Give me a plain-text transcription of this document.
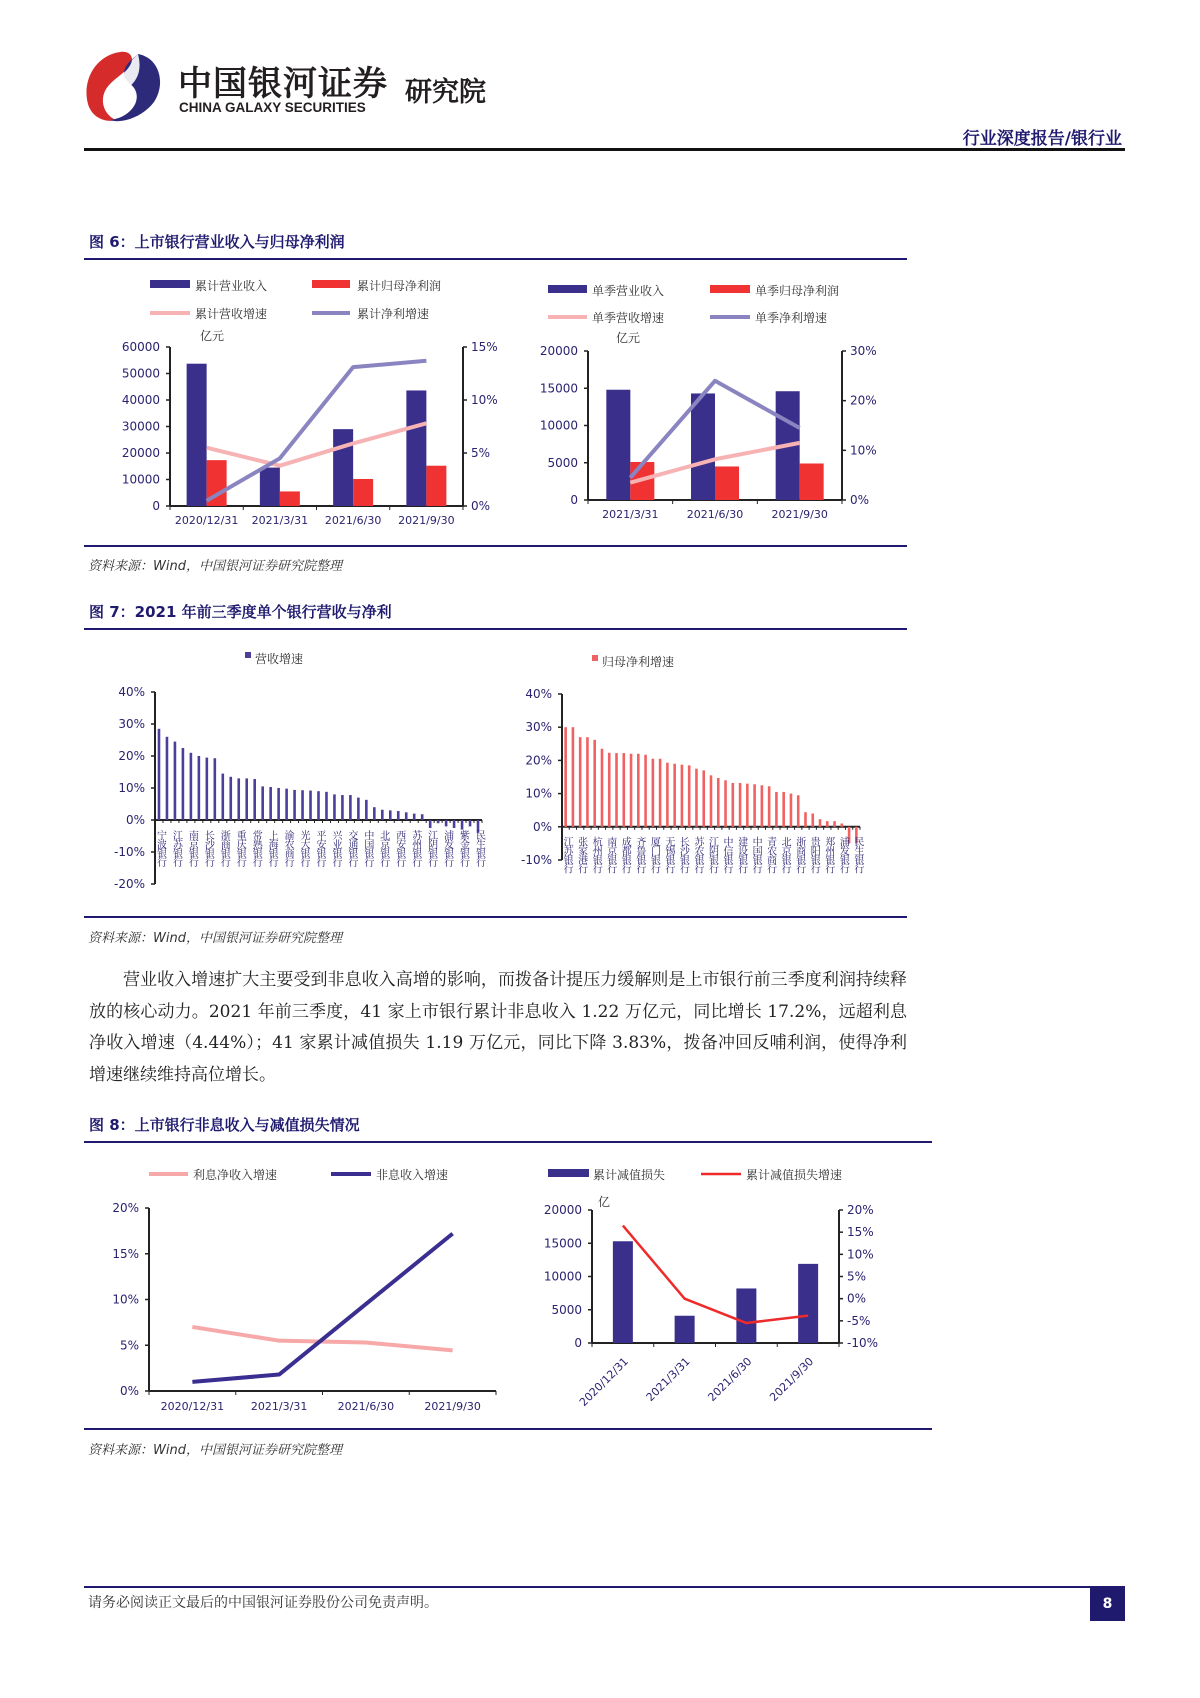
中国银河证券
CHINA GALAXY SECURITIES 研究院
行业深度报告/银行业
图 6：上市银行营业收入与归母净利润
0
10000
20000
30000
40000
50000
60000
0%
5%
10%
15%
累计营业收入	累计归母净利润
累计营收增速	累计净利增速
亿元
2020/12/31 2021/3/31 2021/6/30 2021/9/30
0
5000
10000
15000
20000
0%
10%
20%
30%
单季营业收入	单季归母净利润
单季营收增速	单季净利增速
亿元
2021/3/31	2021/6/30	2021/9/30
资料来源：Wind，中国银河证券研究院整理
图 7：2021 年前三季度单个银行营收与净利
-20%
-10%
0%
10%
20%
30%
40%
营收增速
宁波银行 江苏银行 南京银行 长沙银行 浙商银行 重庆银行 常熟银行 上海银行 渝农商行 光大银行 平安银行 兴业银行 交通银行 中国银行 北京银行 西安银行 苏州银行 江阴银行 浦发银行 紫金银行 民生银行	-10%
0%
10%
20%
30%
40%
归母净利增速
江苏银行 张家港行 杭州银行 南京银行 成都银行 齐鲁银行 厦门银行 无锡银行 长沙银行 苏农银行 江阴银行 中信银行 建设银行 中国银行 青农商行 北京银行 浙商银行 贵阳银行 郑州银行 浦发银行 民生银行
资料来源：Wind，中国银河证券研究院整理
营业收入增速扩大主要受到非息收入高增的影响，而拨备计提压力缓解则是上市银行前三季度利润持续释放的核心动力。2021 年前三季度，41 家上市银行累计非息收入 1.22 万亿元，同比增长 17.2%，远超利息净收入增速（4.44%）；41 家累计减值损失 1.19 万亿元，同比下降 3.83%，拨备冲回反哺利润，使得净利增速继续维持高位增长。
图 8：上市银行非息收入与减值损失情况
0%
5%
10%
15%
20%
利息净收入增速	非息收入增速
2020/12/31 2021/3/31	2021/6/30	2021/9/30
0
5000
10000
15000
20000
-10%
-5%
0%
5%
10%
15%
20%
累计减值损失	累计减值损失增速
亿
2020/12/31 2021/3/31 2021/6/30 2021/9/30
资料来源：Wind，中国银河证券研究院整理
请务必阅读正文最后的中国银河证券股份公司免责声明。	8
